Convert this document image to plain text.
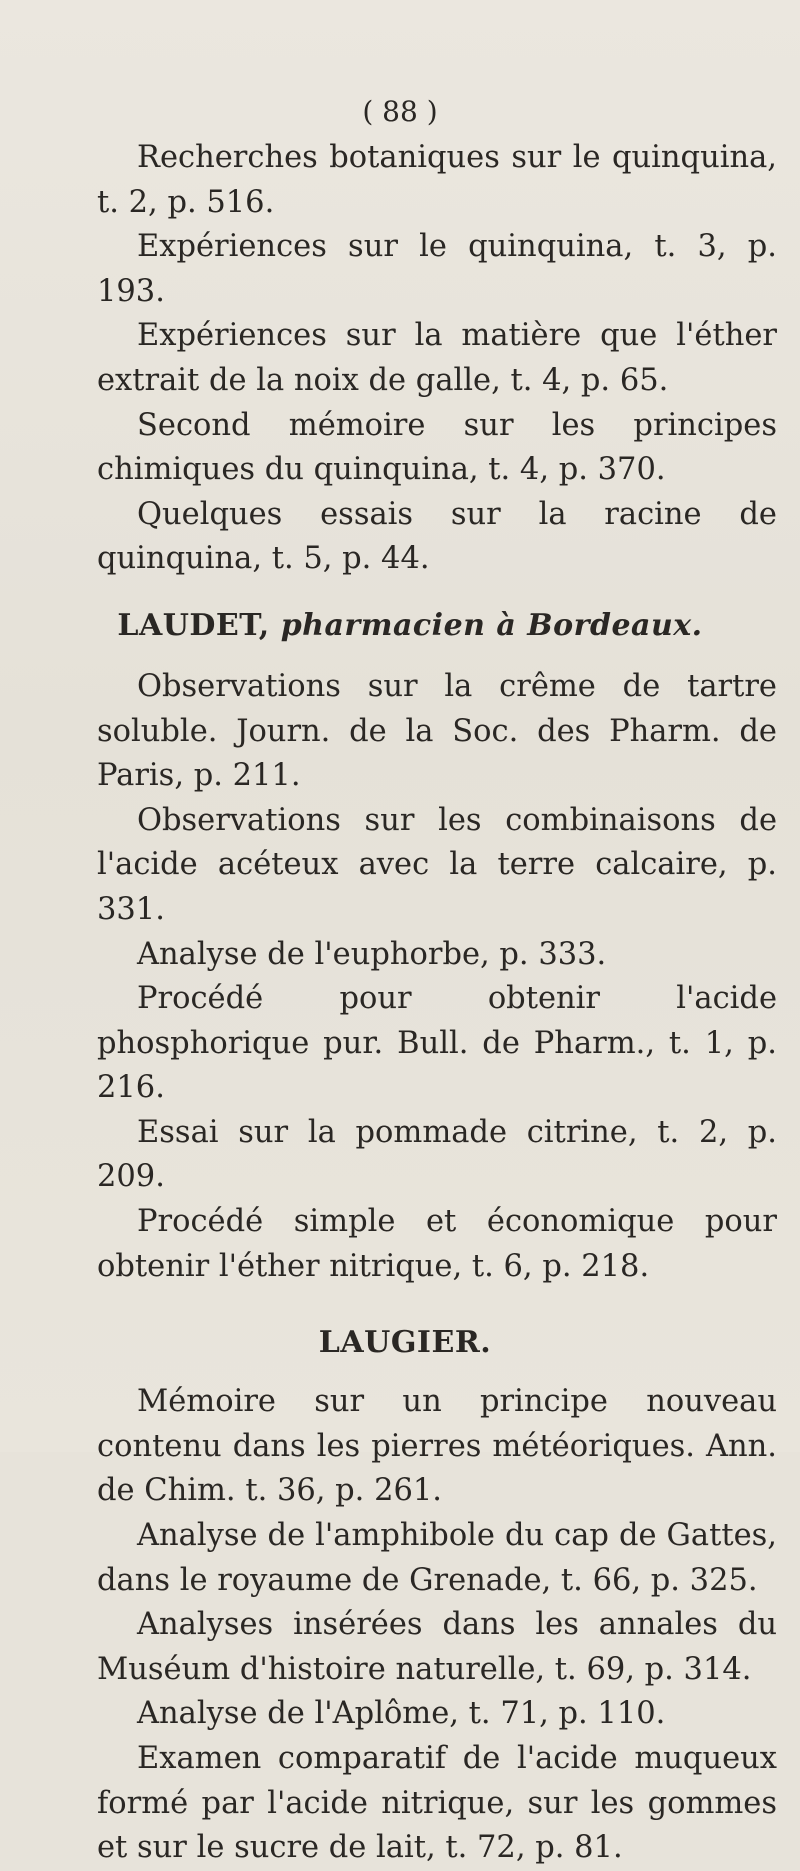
( 88 )

Recherches botaniques sur le quinquina, t. 2, p. 516.

Expériences sur le quinquina, t. 3, p. 193.

Expériences sur la matière que l'éther extrait de la noix de galle, t. 4, p. 65.

Second mémoire sur les principes chimiques du quinquina, t. 4, p. 370.

Quelques essais sur la racine de quinquina, t. 5, p. 44.

LAUDET, pharmacien à Bordeaux.

Observations sur la crême de tartre soluble. Journ. de la Soc. des Pharm. de Paris, p. 211.

Observations sur les combinaisons de l'acide acéteux avec la terre calcaire, p. 331.

Analyse de l'euphorbe, p. 333.

Procédé pour obtenir l'acide phosphorique pur. Bull. de Pharm., t. 1, p. 216.

Essai sur la pommade citrine, t. 2, p. 209.

Procédé simple et économique pour obtenir l'éther nitrique, t. 6, p. 218.

LAUGIER.

Mémoire sur un principe nouveau contenu dans les pierres météoriques. Ann. de Chim. t. 36, p. 261.

Analyse de l'amphibole du cap de Gattes, dans le royaume de Grenade, t. 66, p. 325.

Analyses insérées dans les annales du Muséum d'histoire naturelle, t. 69, p. 314.

Analyse de l'Aplôme, t. 71, p. 110.

Examen comparatif de l'acide muqueux formé par l'acide nitrique, sur les gommes et sur le sucre de lait, t. 72, p. 81.
